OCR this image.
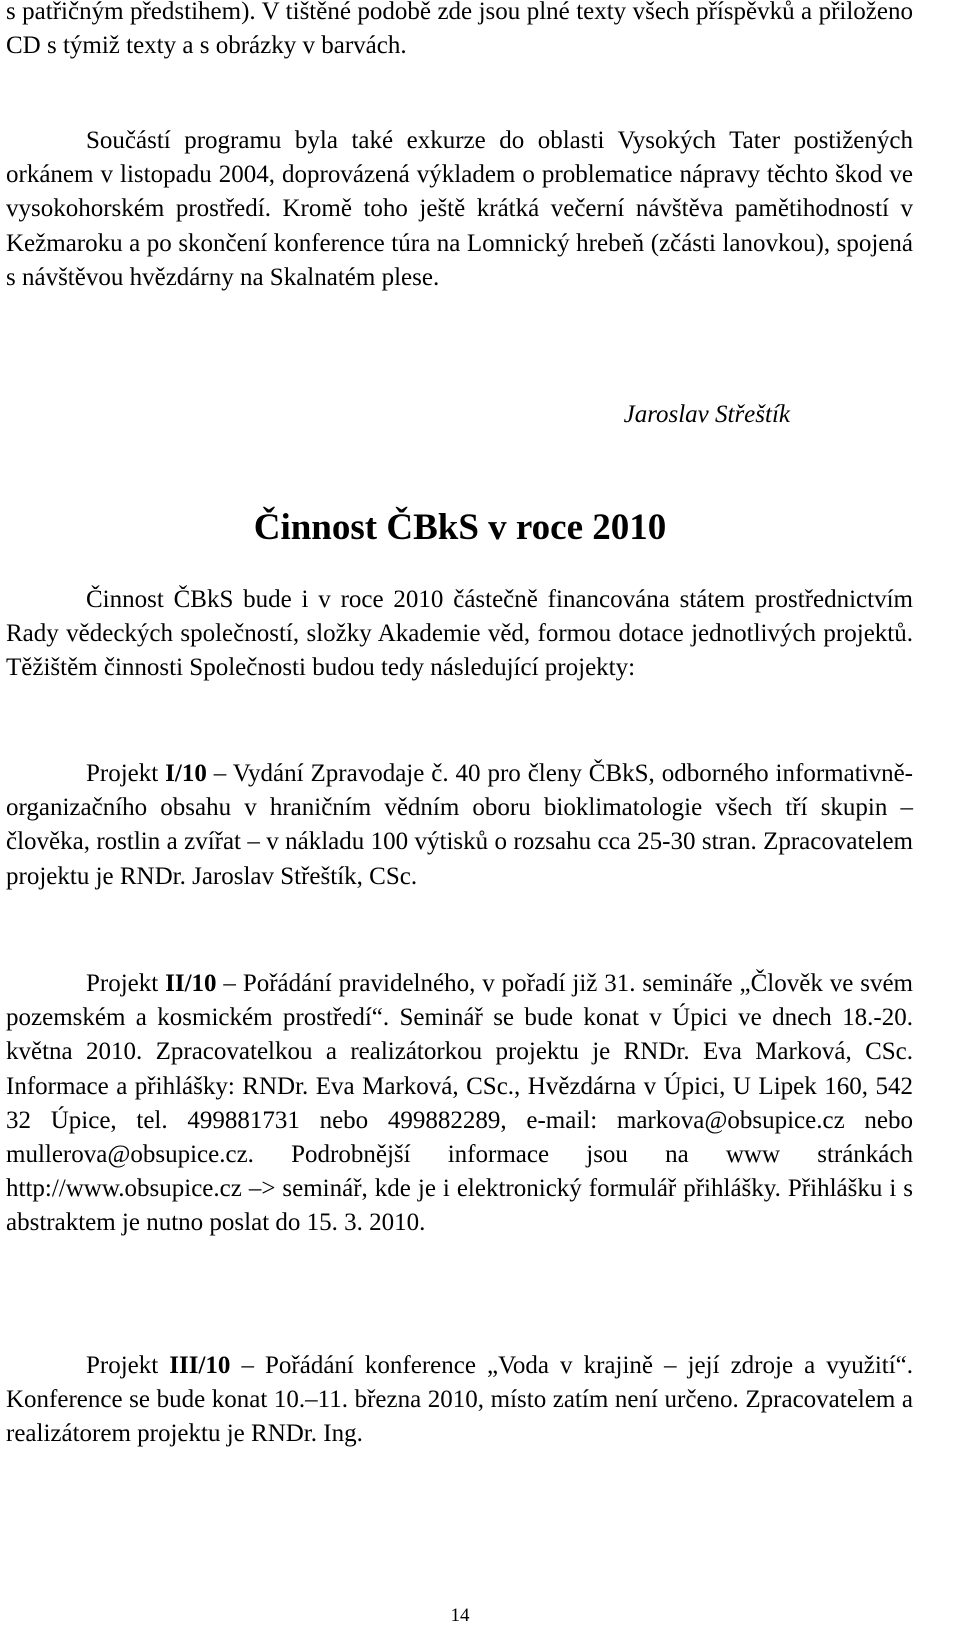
s patřičným předstihem). V tištěné podobě zde jsou plné texty všech příspěvků a přiloženo CD s týmiž texty a s obrázky v barvách.

Součástí programu byla také exkurze do oblasti Vysokých Tater postižených orkánem v listopadu 2004, doprovázená výkladem o problematice nápravy těchto škod ve vysokohorském prostředí. Kromě toho ještě krátká večerní návštěva pamětihodností v Kežmaroku a po skončení konference túra na Lomnický hrebeň (zčásti lanovkou), spojená s návštěvou hvězdárny na Skalnatém plese.

Jaroslav Střeštík

Činnost ČBkS v roce 2010

Činnost ČBkS bude i v roce 2010 částečně financována státem prostřednictvím Rady vědeckých společností, složky Akademie věd, formou dotace jednotlivých projektů. Těžištěm činnosti Společnosti budou tedy následující projekty:

Projekt I/10 – Vydání Zpravodaje č. 40 pro členy ČBkS, odborného informativně-organizačního obsahu v hraničním vědním oboru bioklimatologie všech tří skupin – člověka, rostlin a zvířat – v nákladu 100 výtisků o rozsahu cca 25-30 stran. Zpracovatelem projektu je RNDr. Jaroslav Střeštík, CSc.

Projekt II/10 – Pořádání pravidelného, v pořadí již 31. semináře „Člověk ve svém pozemském a kosmickém prostředí“. Seminář se bude konat v Úpici ve dnech 18.-20. května 2010. Zpracovatelkou a realizátorkou projektu je RNDr. Eva Marková, CSc. Informace a přihlášky: RNDr. Eva Marková, CSc., Hvězdárna v Úpici, U Lipek 160, 542 32 Úpice, tel. 499881731 nebo 499882289, e-mail: markova@obsupice.cz nebo mullerova@obsupice.cz. Podrobnější informace jsou na www stránkách http://www.obsupice.cz –> seminář, kde je i elektronický formulář přihlášky. Přihlášku i s abstraktem je nutno poslat do 15. 3. 2010.

Projekt III/10 – Pořádání konference „Voda v krajině – její zdroje a využití“. Konference se bude konat 10.–11. března 2010, místo zatím není určeno. Zpracovatelem a realizátorem projektu je RNDr. Ing.

14
